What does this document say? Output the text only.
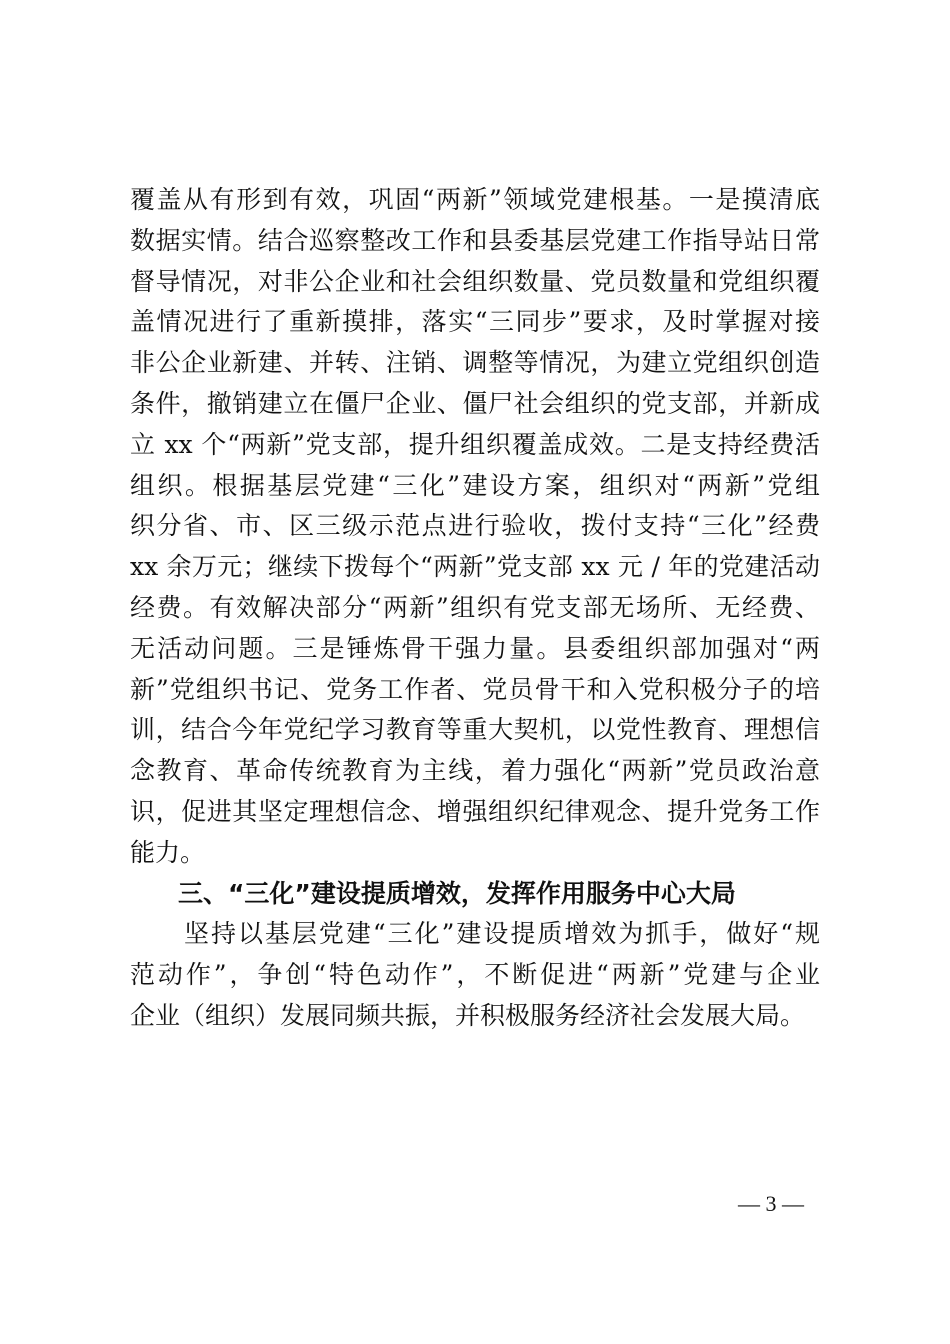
覆盖从有形到有效，巩固“两新”领域党建根基。一是摸清底
数据实情。结合巡察整改工作和县委基层党建工作指导站日常
督导情况，对非公企业和社会组织数量、党员数量和党组织覆
盖情况进行了重新摸排，落实“三同步”要求，及时掌握对接
非公企业新建、并转、注销、调整等情况，为建立党组织创造
条件，撤销建立在僵尸企业、僵尸社会组织的党支部，并新成
立 xx 个“两新”党支部，提升组织覆盖成效。二是支持经费活
组织。根据基层党建“三化”建设方案，组织对“两新”党组
织分省、市、区三级示范点进行验收，拨付支持“三化”经费
xx 余万元；继续下拨每个“两新”党支部 xx 元 / 年的党建活动
经费。有效解决部分“两新”组织有党支部无场所、无经费、
无活动问题。三是锤炼骨干强力量。县委组织部加强对“两
新”党组织书记、党务工作者、党员骨干和入党积极分子的培
训，结合今年党纪学习教育等重大契机，以党性教育、理想信
念教育、革命传统教育为主线，着力强化“两新”党员政治意
识，促进其坚定理想信念、增强组织纪律观念、提升党务工作
能力。
三、“三化”建设提质增效，发挥作用服务中心大局
　　坚持以基层党建“三化”建设提质增效为抓手，做好“规
范动作”，争创“特色动作”，不断促进“两新”党建与企业
企业（组织）发展同频共振，并积极服务经济社会发展大局。
— 3 —
